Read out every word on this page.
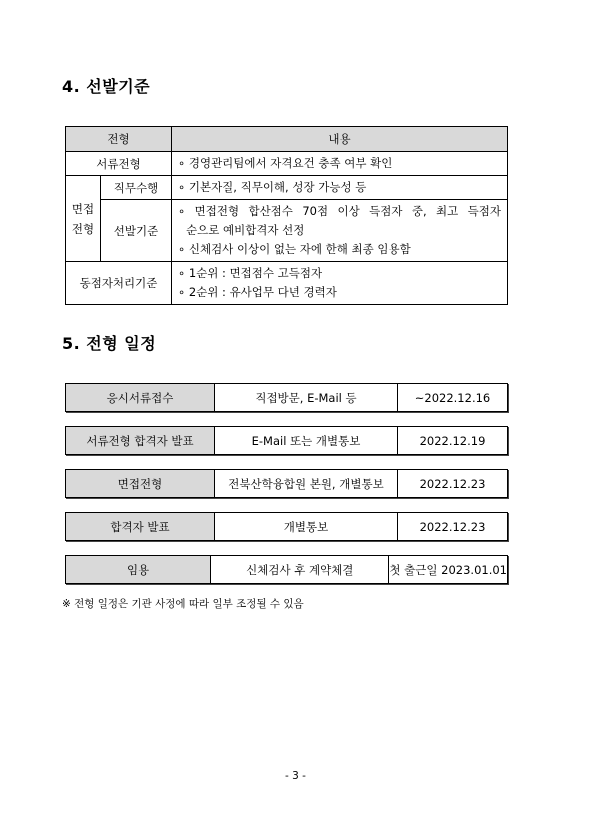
4. 선발기준
전형		내용
서류전형		∘ 경영관리팀에서 자격요건 충족 여부 확인

면접
전형	직무수행	∘ 기본자질, 직무이해, 성장 가능성 등

	선발기준	∘ 면접전형 합산점수 70점 이상 득점자 중, 최고 득점자
순으로 예비합격자 선정
∘ 신체검사 이상이 없는 자에 한해 최종 임용함

동점자처리기준		∘ 1순위 : 면접점수 고득점자
∘ 2순위 : 유사업무 다년 경력자
5. 전형 일정
응시서류접수	직접방문, E-Mail 등	~2022.12.16
서류전형 합격자 발표	E-Mail 또는 개별통보	2022.12.19
면접전형	전북산학융합원 본원, 개별통보	2022.12.23
합격자 발표	개별통보	2022.12.23
임용	신체검사 후 계약체결	첫 출근일 2023.01.01
※ 전형 일정은 기관 사정에 따라 일부 조정될 수 있음
- 3 -
